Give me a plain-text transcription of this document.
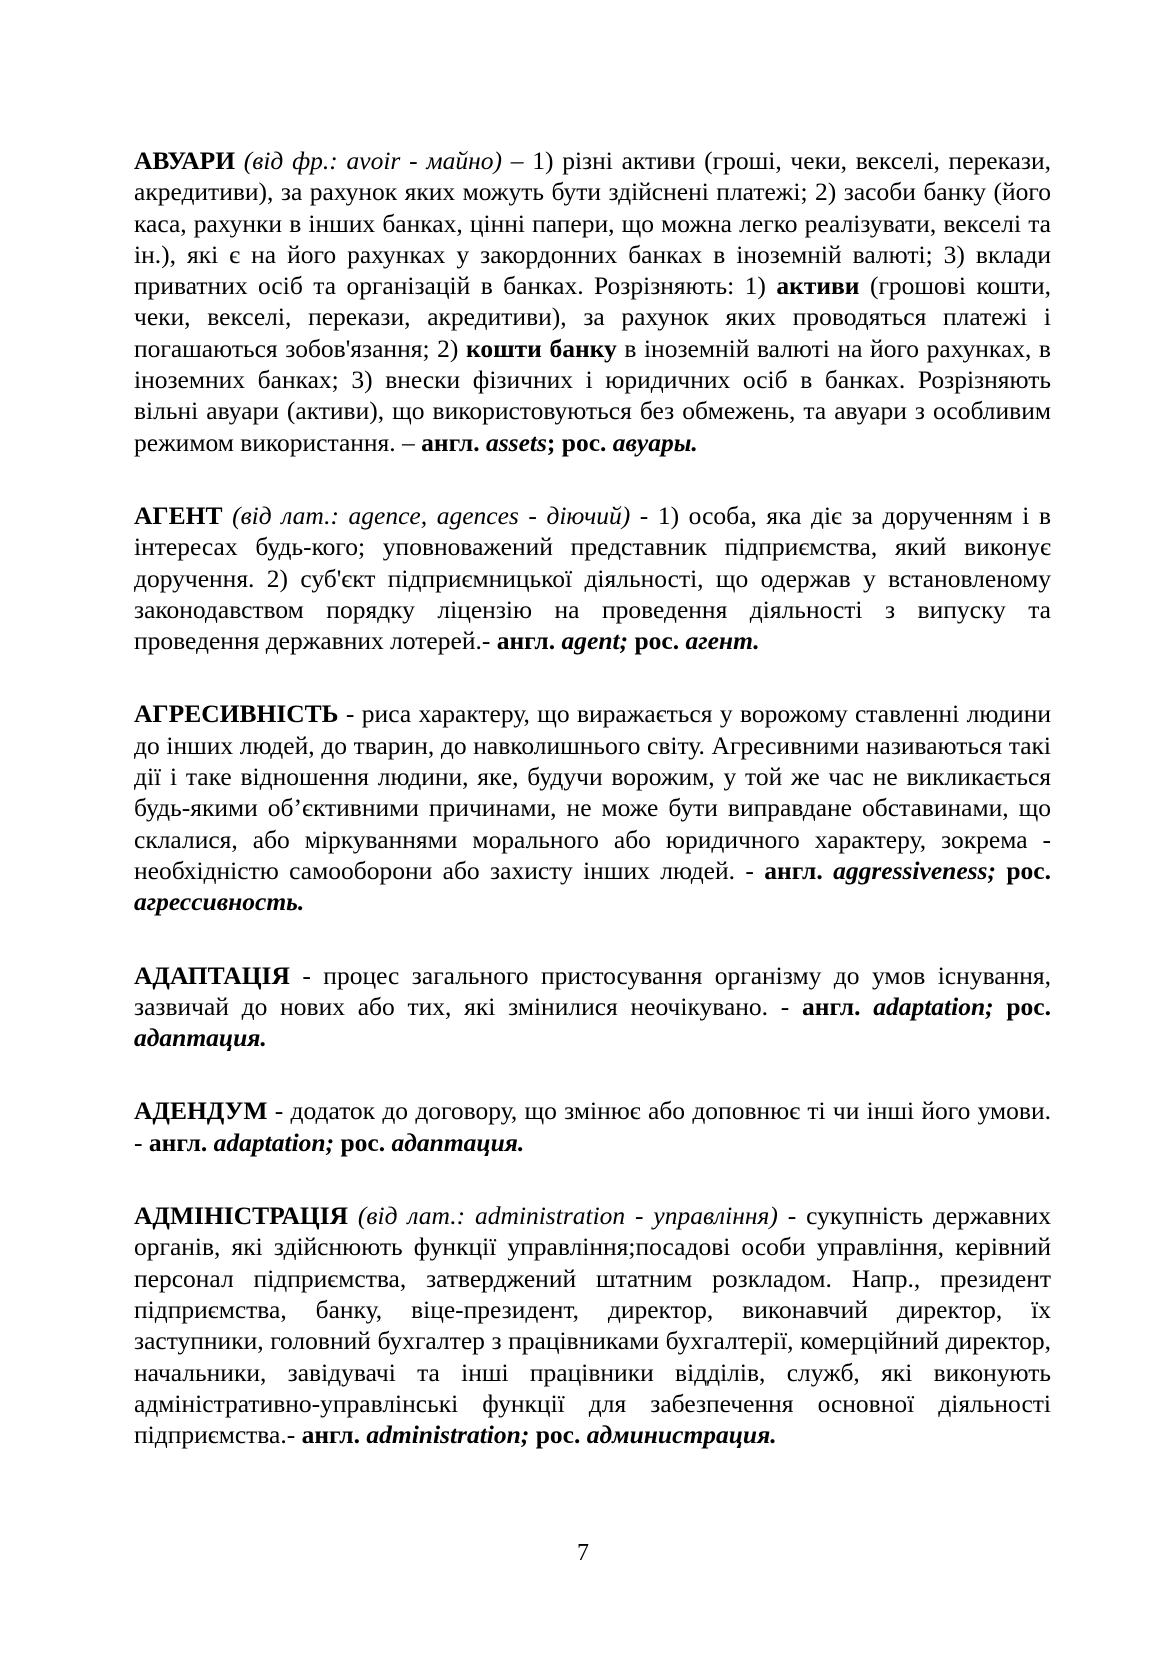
АВУАРИ (від фр.: avoir - майно) – 1) різні активи (гроші, чеки, векселі, перекази, акредитиви), за рахунок яких можуть бути здійснені платежі; 2) засоби банку (його каса, рахунки в інших банках, цінні папери, що можна легко реалізувати, векселі та ін.), які є на його рахунках у закордонних банках в іноземній валюті; 3) вклади приватних осіб та організацій в банках. Розрізняють: 1) активи (грошові кошти, чеки, векселі, перекази, акредитиви), за рахунок яких проводяться платежі і погашаються зобов'язання; 2) кошти банку в іноземній валюті на його рахунках, в іноземних банках; 3) внески фізичних і юридичних осіб в банках. Розрізняють вільні авуари (активи), що використовуються без обмежень, та авуари з особливим режимом використання. – англ. assets; рос. авуары.

АГЕНТ (від лат.: agence, agences - діючий) - 1) особа, яка діє за дорученням і в інтересах будь-кого; уповноважений представник підприємства, який виконує доручення. 2) суб'єкт підприємницької діяльності, що одержав у встановленому законодавством порядку ліцензію на проведення діяльності з випуску та проведення державних лотерей.- англ. agent; рос. агент.

АГРЕСИВНІСТЬ - риса характеру, що виражається у ворожому ставленні людини до інших людей, до тварин, до навколишнього світу. Агресивними називаються такі дії і таке відношення людини, яке, будучи ворожим, у той же час не викликається будь-якими об’єктивними причинами, не може бути виправдане обставинами, що склалися, або міркуваннями морального або юридичного характеру, зокрема - необхідністю самооборони або захисту інших людей. - англ. aggressiveness; рос. агрессивность.

АДАПТАЦІЯ - процес загального пристосування організму до умов існування, зазвичай до нових або тих, які змінилися неочікувано. - англ. adaptation; рос. адаптация.

АДЕНДУМ - додаток до договору, що змінює або доповнює ті чи інші його умови. - англ. adaptation; рос. адаптация.

АДМІНІСТРАЦІЯ (від лат.: administration - управління) - сукупність державних органів, які здійснюють функції управління;посадові особи управління, керівний персонал підприємства, затверджений штатним розкладом. Напр., президент підприємства, банку, віце-президент, директор, виконавчий директор, їх заступники, головний бухгалтер з працівниками бухгалтерії, комерційний директор, начальники, завідувачі та інші працівники відділів, служб, які виконують адміністративно-управлінські функції для забезпечення основної діяльності підприємства.- англ. administration; рос. администрация.

7
